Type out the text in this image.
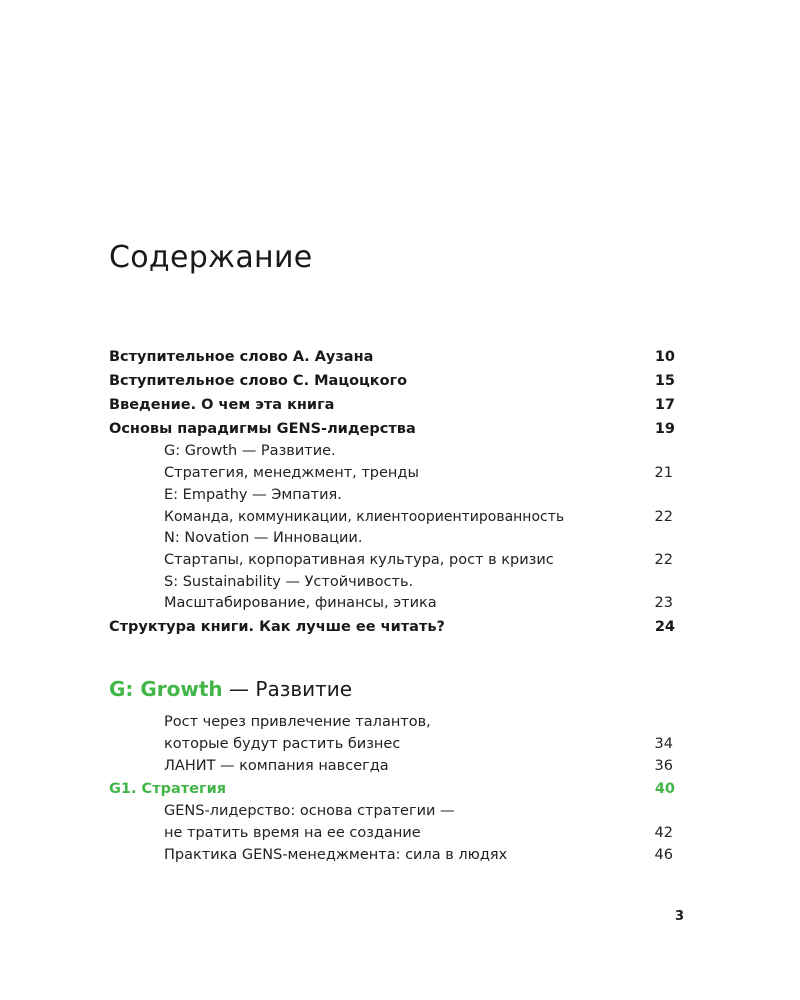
Содержание
Вступительное слово А. Аузана	10
Вступительное слово С. Мацоцкого	15
Введение. О чем эта книга	17
Основы парадигмы GENS-лидерства	19
G: Growth — Развитие.
Стратегия, менеджмент, тренды	21
E: Empathy — Эмпатия.
Команда, коммуникации, клиентоориентированность	22
N: Novation — Инновации.
Стартапы, корпоративная культура, рост в кризис	22
S: Sustainability — Устойчивость.
Масштабирование, финансы, этика	23
Структура книги. Как лучше ее читать?	24
G: Growth — Развитие
Рост через привлечение талантов,
которые будут растить бизнес	34
ЛАНИТ — компания навсегда	36
G1. Стратегия	40
GENS-лидерство: основа стратегии —
не тратить время на ее создание	42
Практика GENS-менеджмента: сила в людях	46
3
